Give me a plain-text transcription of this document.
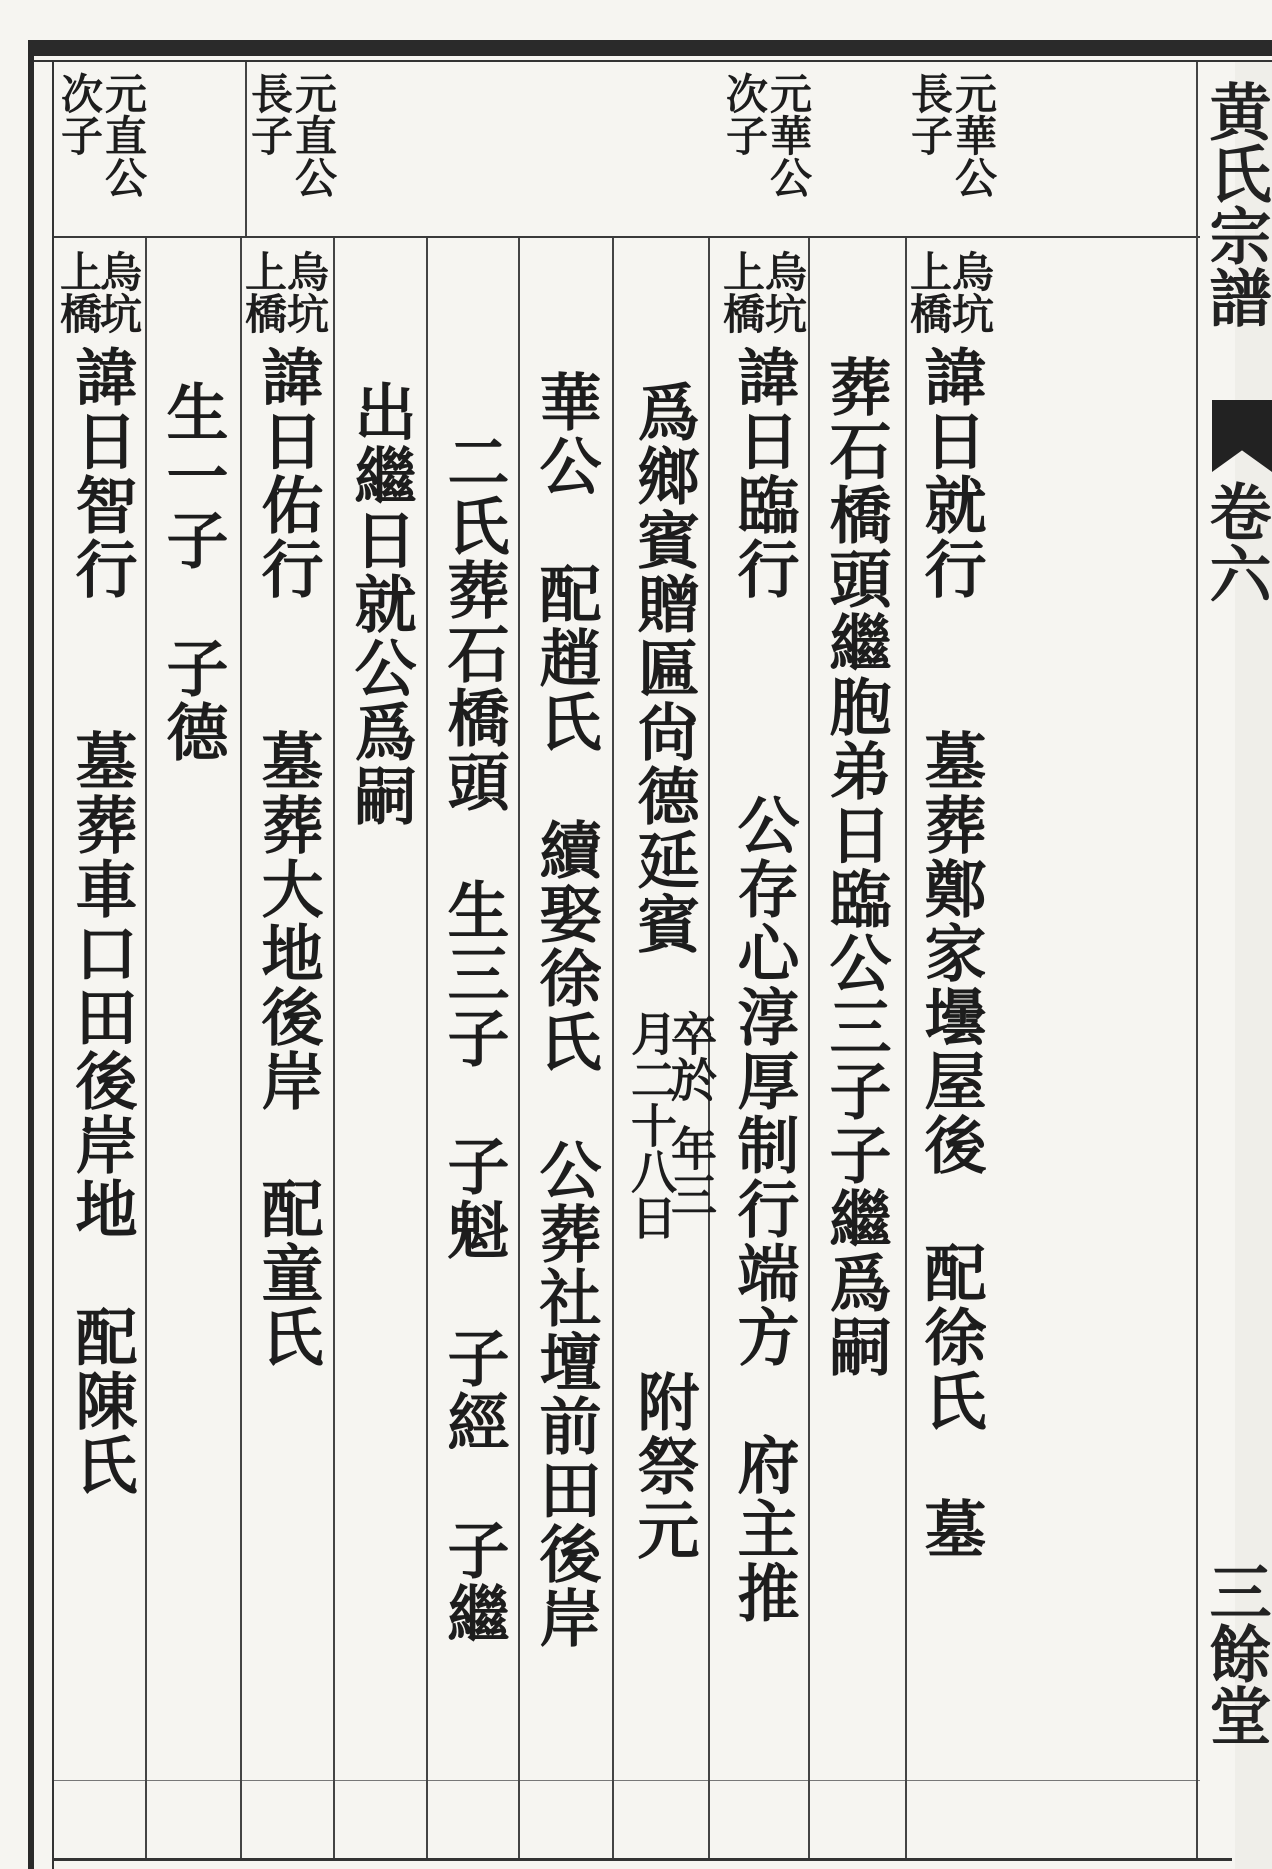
黄氏宗譜
卷六
三餘堂
元華公
長子
元華公
次子
元直公
長子
元直公
次子
烏坑
上橋
諱日就行　　墓葬鄭家壜屋後　配徐氏　墓
葬石橋頭繼胞弟日臨公三子子繼爲嗣
烏坑
上橋
諱日臨行　　　公存心淳厚制行端方　府主推
爲鄉賓贈匾尙德延賓
卒於
年三
月二十八日
附祭元
華公　配趙氏　續娶徐氏　公葬社壇前田後岸
二氏葬石橋頭　生三子　子魁　子經　子繼
出繼日就公爲嗣
烏坑
上橋
諱日佑行　　墓葬大地後岸　配童氏
生一子　子德
烏坑
上橋
諱日智行　　墓葬車口田後岸地　配陳氏
